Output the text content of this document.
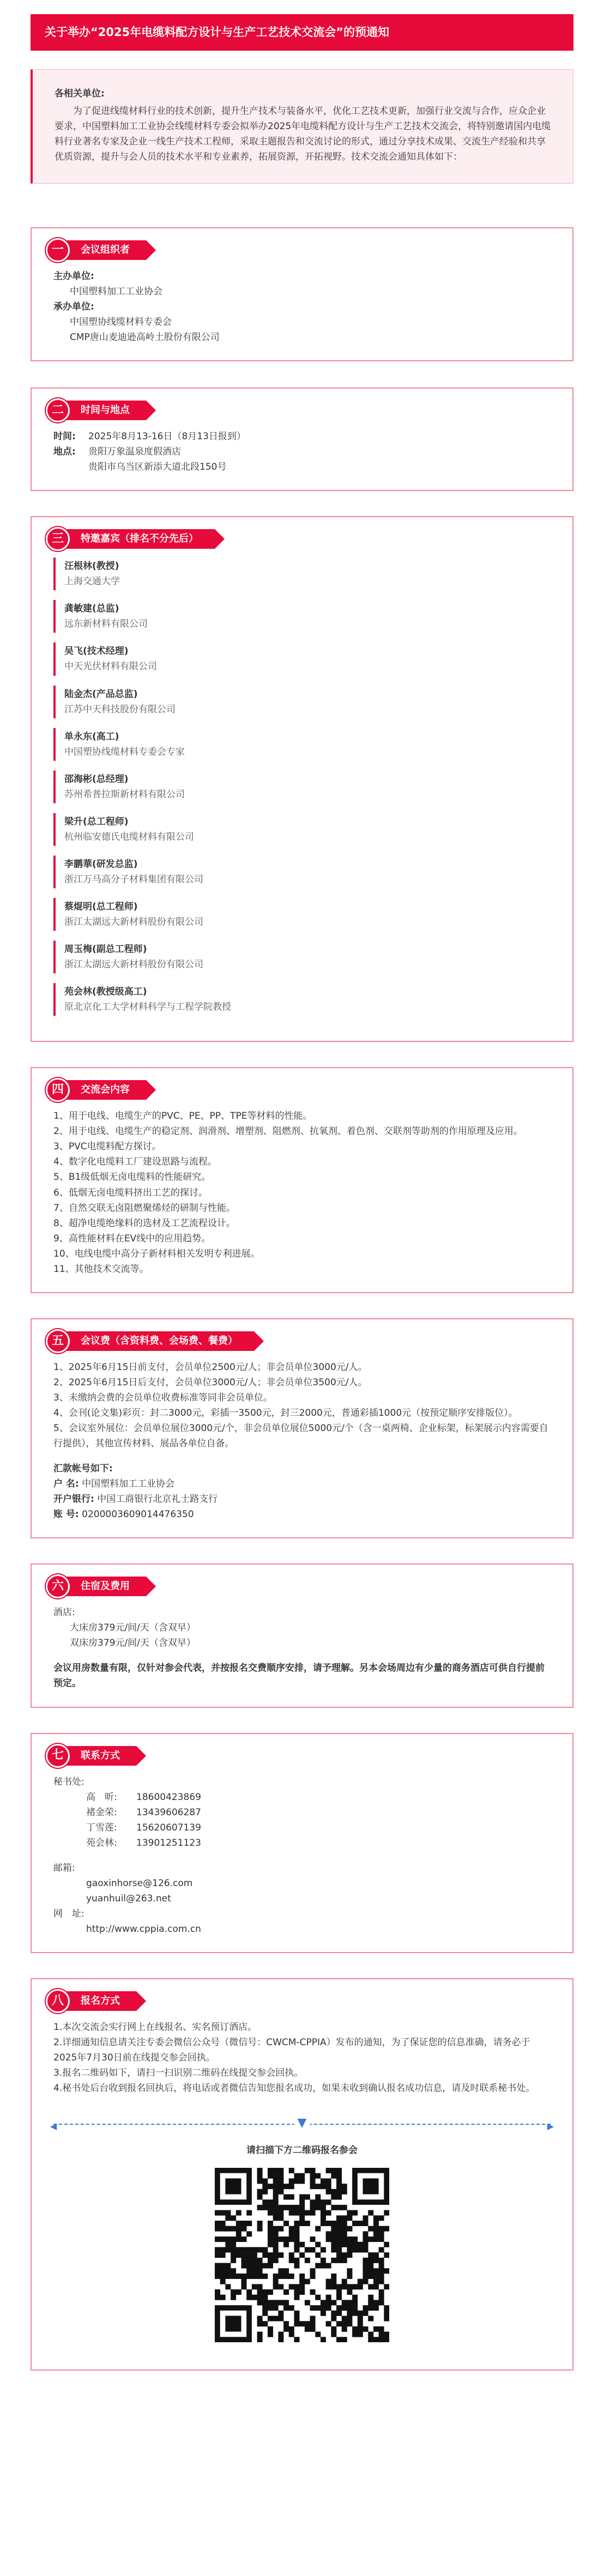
关于举办“2025年电缆料配方设计与生产工艺技术交流会”的预通知
各相关单位:

为了促进线缆材料行业的技术创新，提升生产技术与装备水平，优化工艺技术更新，加强行业交流与合作，应众企业要求，中国塑料加工工业协会线缆材料专委会拟举办2025年电缆料配方设计与生产工艺技术交流会，将特别邀请国内电缆料行业著名专家及企业一线生产技术工程师，采取主题报告和交流讨论的形式，通过分享技术成果、交流生产经验和共享优质资源，提升与会人员的技术水平和专业素养，拓展资源，开拓视野。技术交流会通知具体如下：

一	会议组织者
主办单位:
中国塑料加工工业协会
承办单位:
中国塑协线缆材料专委会
CMP唐山麦迪逊高岭土股份有限公司
二	时间与地点
时间:	2025年8月13-16日（8月13日报到）
地点:	贵阳万象温泉度假酒店
贵阳市乌当区新添大道北段150号
三	特邀嘉宾（排名不分先后）
汪根林(教授)
上海交通大学
龚敏建(总监)
远东新材料有限公司
吴飞(技术经理)
中天光伏材料有限公司
陆金杰(产品总监)
江苏中天科技股份有限公司
单永东(高工)
中国塑协线缆材料专委会专家
邵海彬(总经理)
苏州希普拉斯新材料有限公司
梁升(总工程师)
杭州临安德氏电缆材料有限公司
李鹏華(研发总监)
浙江万马高分子材料集团有限公司
蔡焜明(总工程师)
浙江太湖远大新材料股份有限公司
周玉梅(副总工程师)
浙江太湖远大新材料股份有限公司
苑会林(教授级高工)
原北京化工大学材料科学与工程学院教授
四	交流会内容

1、用于电线、电缆生产的PVC、PE、PP、TPE等材料的性能。

2、用于电线、电缆生产的稳定剂、润滑剂、增塑剂、阻燃剂、抗氧剂、着色剂、交联剂等助剂的作用原理及应用。

3、PVC电缆料配方探讨。

4、数字化电缆料工厂建设思路与流程。

5、B1级低烟无卤电缆料的性能研究。

6、低烟无卤电缆料挤出工艺的探讨。

7、自然交联无卤阻燃聚烯烃的研制与性能。

8、超净电缆绝缘料的选材及工艺流程设计。

9、高性能材料在EV线中的应用趋势。

10、电线电缆中高分子新材料相关发明专利进展。

11、其他技术交流等。

五	会议费（含资料费、会场费、餐费）

1、2025年6月15日前支付，会员单位2500元/人；非会员单位3000元/人。

2、2025年6月15日后支付，会员单位3000元/人；非会员单位3500元/人。

3、未缴纳会费的会员单位收费标准等同非会员单位。

4、会刊(论文集)彩页：封二3000元，彩插一3500元，封三2000元，普通彩插1000元（按预定顺序安排版位）。

5、会议室外展位：会员单位展位3000元/个，非会员单位展位5000元/个（含一桌两椅、企业标架，标架展示内容需要自行提供），其他宣传材料、展品各单位自备。

汇款帐号如下:
户 名: 中国塑料加工工业协会
开户银行: 中国工商银行北京礼士路支行
账 号: 0200003609014476350
六	住宿及费用
酒店:
大床房379元/间/天（含双早）
双床房379元/间/天（含双早）

会议用房数量有限，仅针对参会代表，并按报名交费顺序安排，请予理解。另本会场周边有少量的商务酒店可供自行提前预定。

七	联系方式
秘书处:
高　昕:	18600423869
褚金荣:	13439606287
丁雪莲:	15620607139
苑会林:	13901251123
邮箱:
gaoxinhorse@126.com
yuanhuil@263.net
网　址:
http://www.cppia.com.cn
八	报名方式

1.本次交流会实行网上在线报名、实名预订酒店。

2.详细通知信息请关注专委会微信公众号（微信号：CWCM-CPPIA）发布的通知，为了保证您的信息准确，请务必于2025年7月30日前在线提交参会回执。

3.报名二维码如下，请扫一扫识别二维码在线提交参会回执。

4.秘书处后台收到报名回执后，将电话或者微信告知您报名成功，如果未收到确认报名成功信息，请及时联系秘书处。

◀	▼	▶
请扫描下方二维码报名参会
